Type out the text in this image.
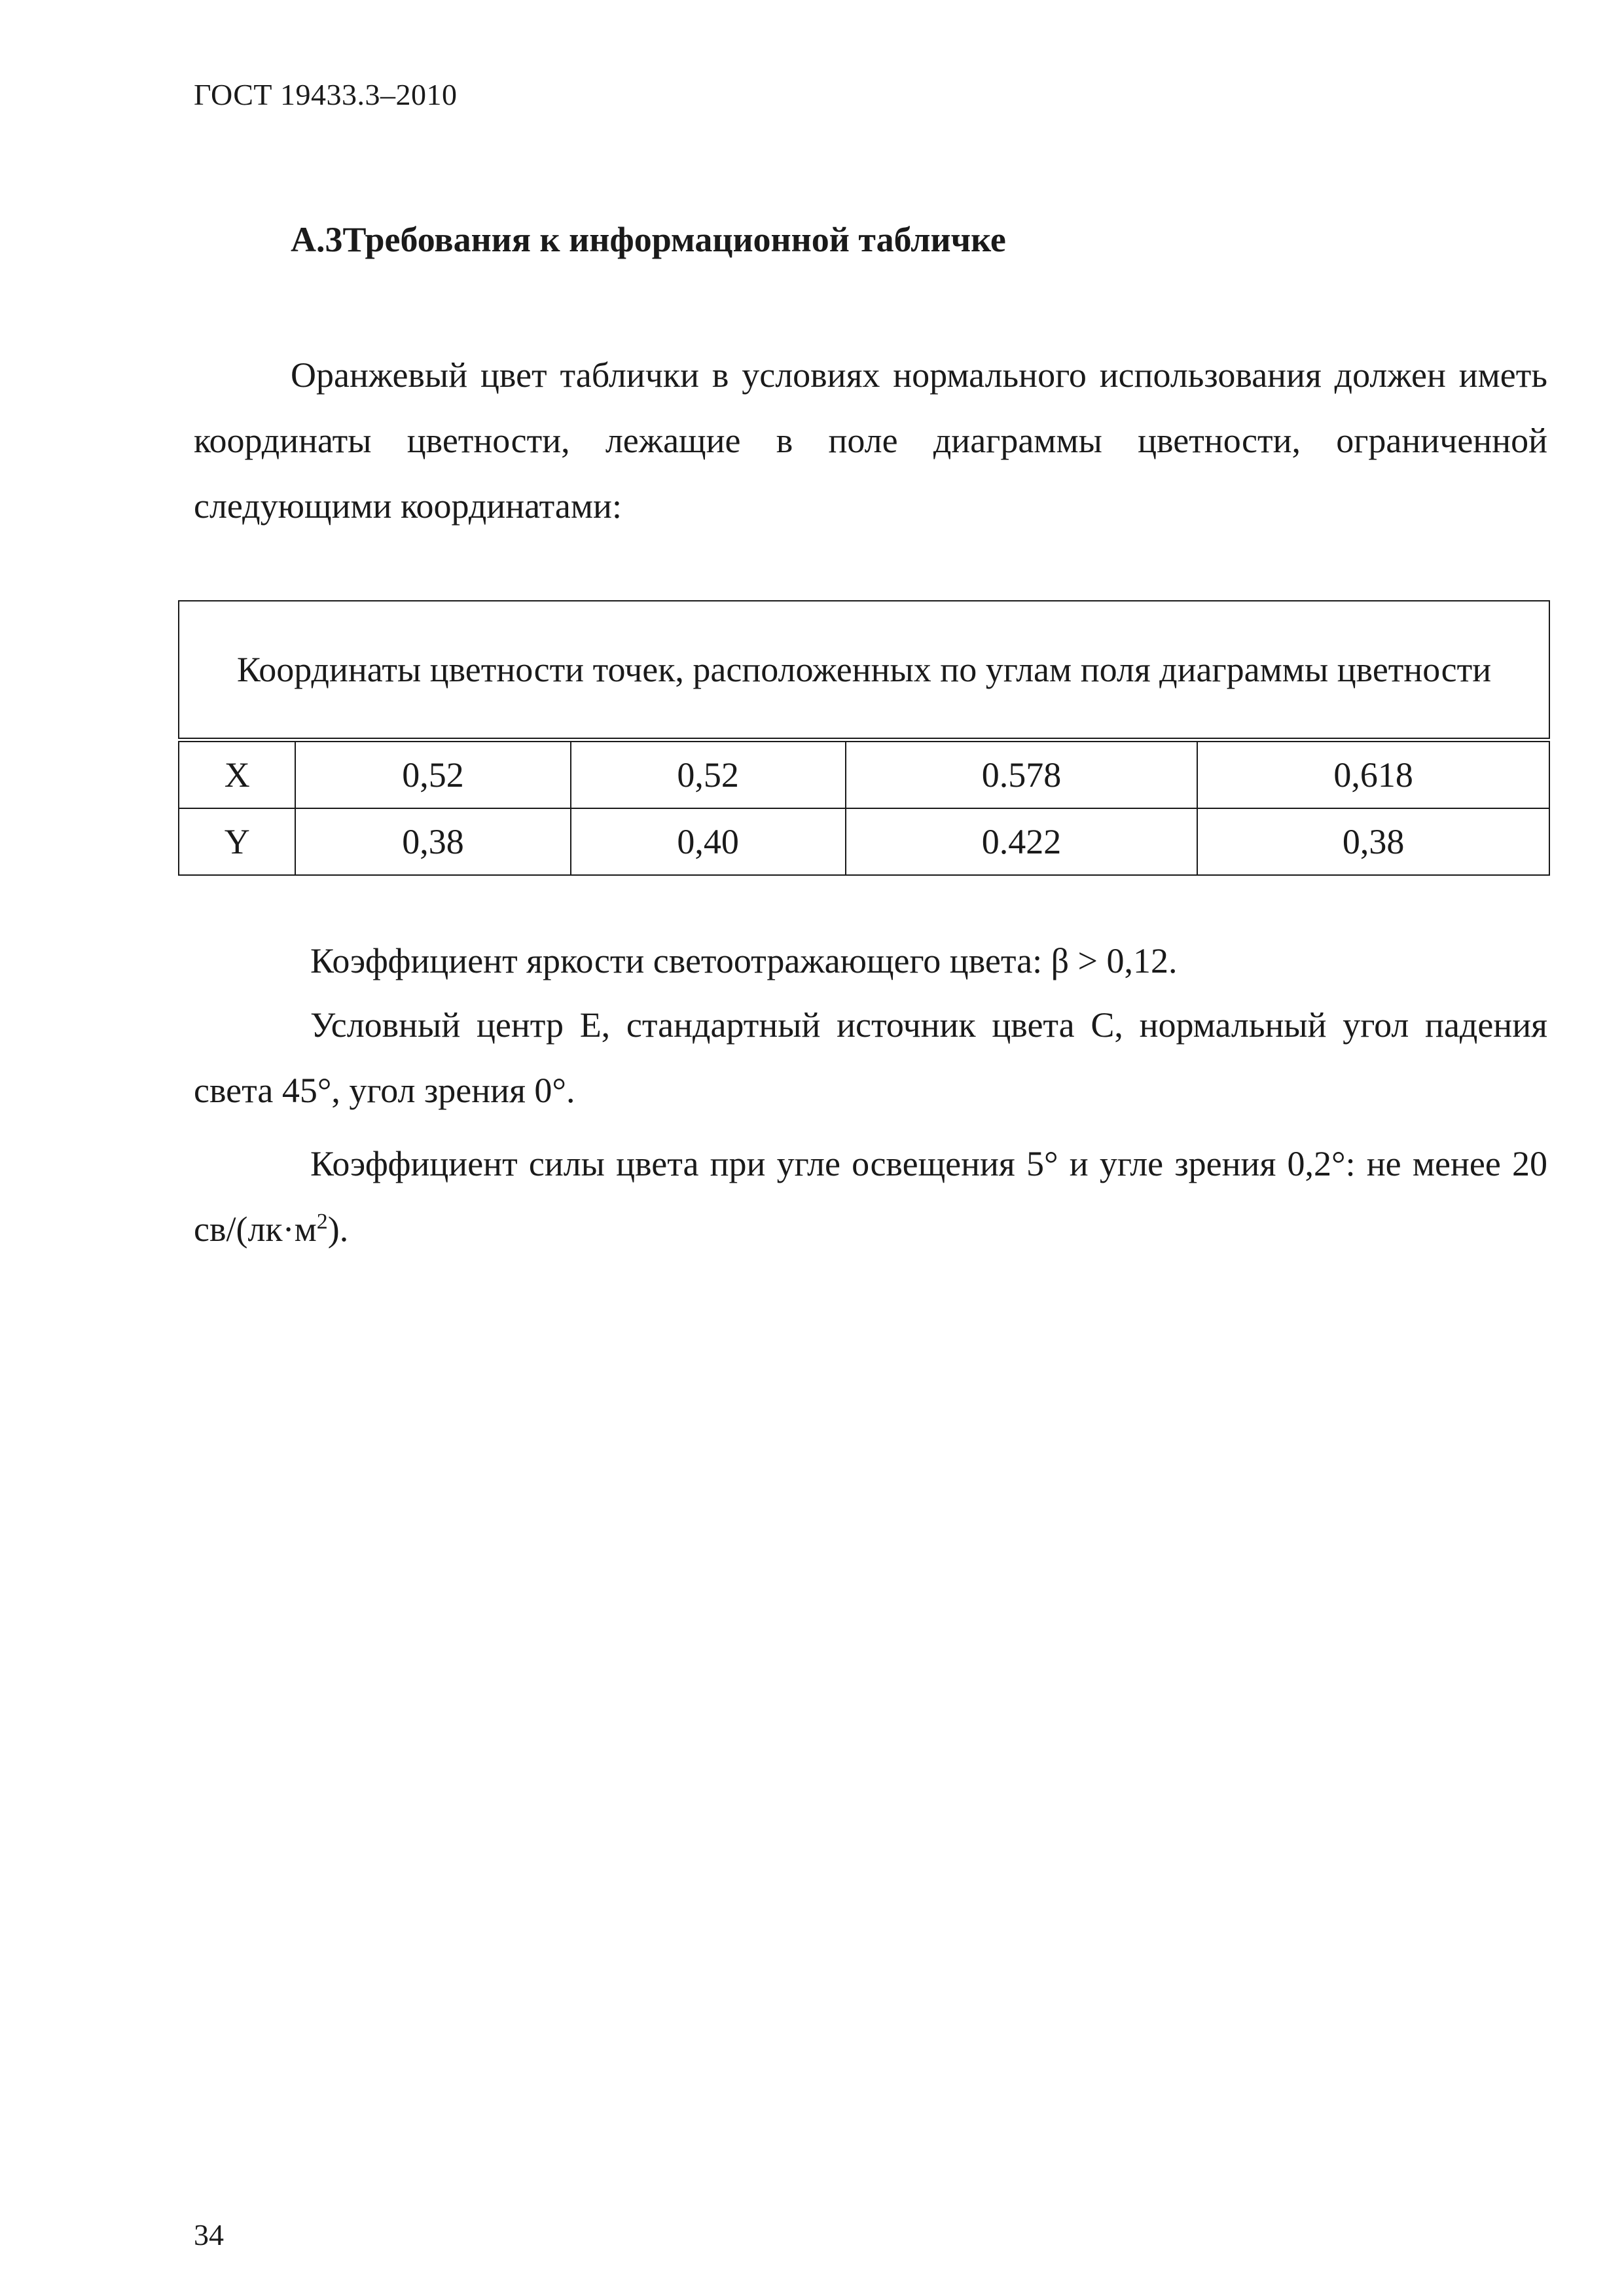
ГОСТ 19433.3–2010
А.3Требования к информационной табличке
Оранжевый цвет таблички в условиях нормального использования должен иметь координаты цветности, лежащие в поле диаграммы цветности, ограниченной следующими координатами:
Координаты цветности точек, расположенных по углам поля диаграммы цветности				
X	0,52	0,52	0.578	0,618
Y	0,38	0,40	0.422	0,38
Коэффициент яркости светоотражающего цвета: β > 0,12.
Условный центр Е, стандартный источник цвета С, нормальный угол падения света 45°, угол зрения 0°.
Коэффициент силы цвета при угле освещения 5° и угле зрения 0,2°: не менее 20 $св/(лк\cdot м^2)$.
34
